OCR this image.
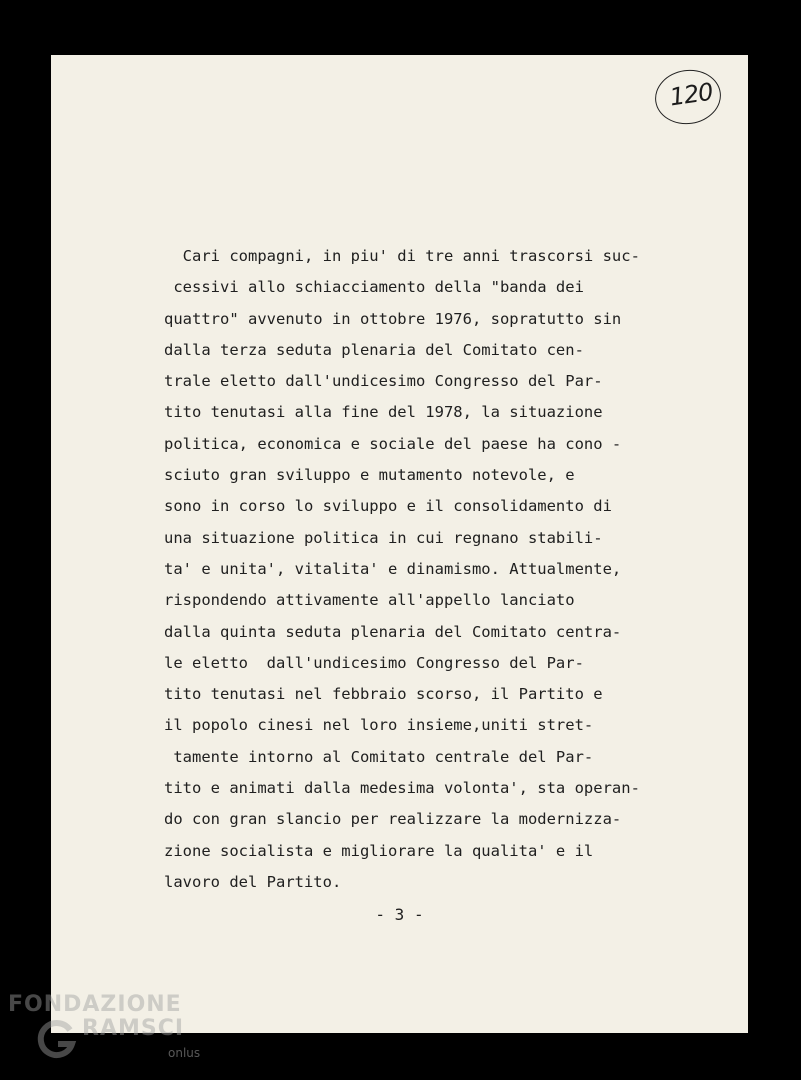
120
Cari compagni, in piu' di tre anni trascorsi suc-
cessivi allo schiacciamento della "banda dei
quattro" avvenuto in ottobre 1976, sopratutto sin
dalla terza seduta plenaria del Comitato cen-
trale eletto dall'undicesimo Congresso del Par-
tito tenutasi alla fine del 1978, la situazione
politica, economica e sociale del paese ha cono -
sciuto gran sviluppo e mutamento notevole, e
sono in corso lo sviluppo e il consolidamento di
una situazione politica in cui regnano stabili-
ta' e unita', vitalita' e dinamismo. Attualmente,
rispondendo attivamente all'appello lanciato
dalla quinta seduta plenaria del Comitato centra-
le eletto  dall'undicesimo Congresso del Par-
tito tenutasi nel febbraio scorso, il Partito e
il popolo cinesi nel loro insieme,uniti stret-
tamente intorno al Comitato centrale del Par-
tito e animati dalla medesima volonta', sta operan-
do con gran slancio per realizzare la modernizza-
zione socialista e migliorare la qualita' e il
lavoro del Partito.
- 3 -
FONDAZIONE
RAMSCI
onlus
